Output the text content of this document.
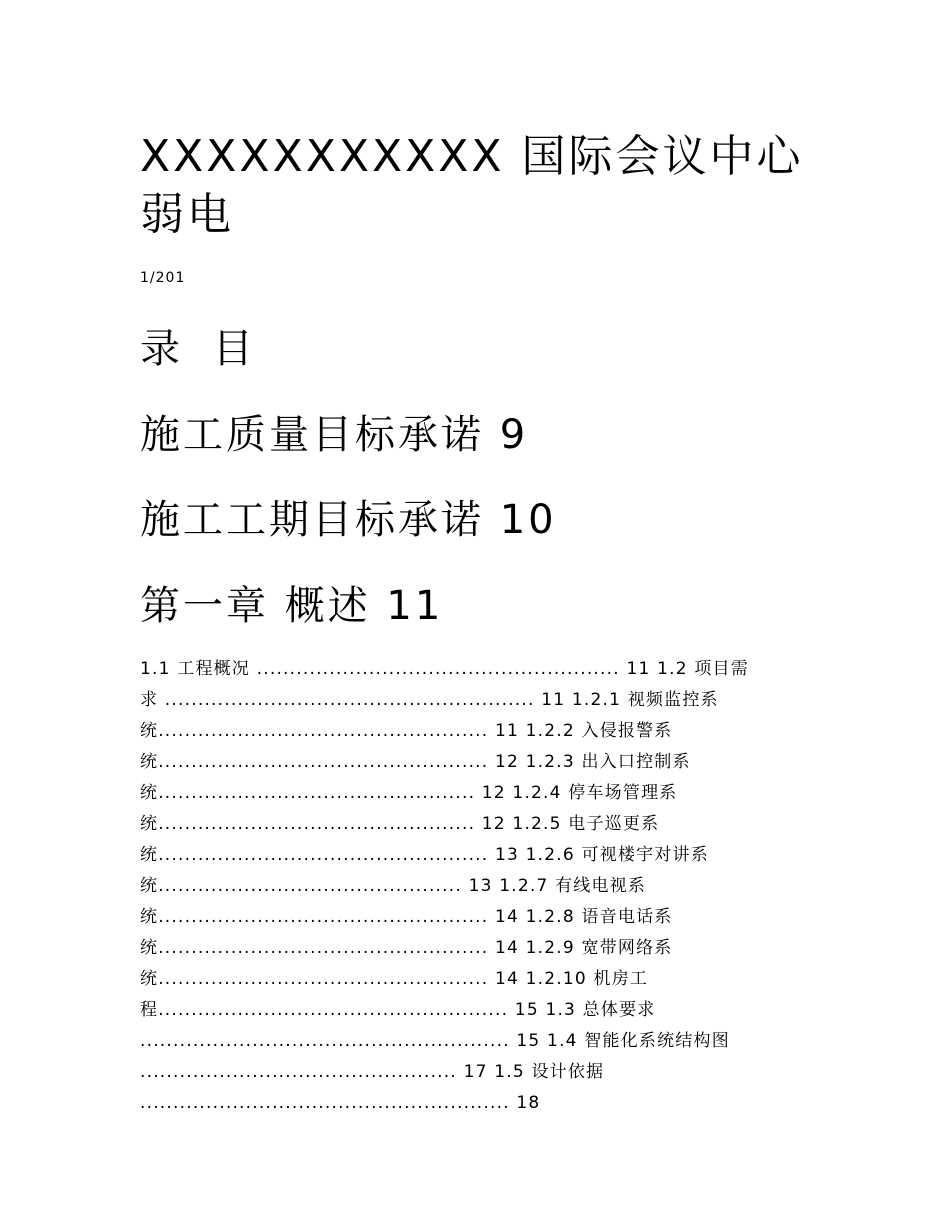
XXXXXXXXXXX 国际会议中心弱电
1/201
录 目
施工质量目标承诺 9
施工工期目标承诺 10
第一章 概述 11
1.1 工程概况 ....................................................... 11 1.2 项目需
求 ........................................................ 11 1.2.1 视频监控系
统.................................................. 11 1.2.2 入侵报警系
统.................................................. 12 1.2.3 出入口控制系
统................................................ 12 1.2.4 停车场管理系
统................................................ 12 1.2.5 电子巡更系
统.................................................. 13 1.2.6 可视楼宇对讲系
统.............................................. 13 1.2.7 有线电视系
统.................................................. 14 1.2.8 语音电话系
统.................................................. 14 1.2.9 宽带网络系
统.................................................. 14 1.2.10 机房工
程..................................................... 15 1.3 总体要求
........................................................ 15 1.4 智能化系统结构图
................................................ 17 1.5 设计依据
........................................................ 18
